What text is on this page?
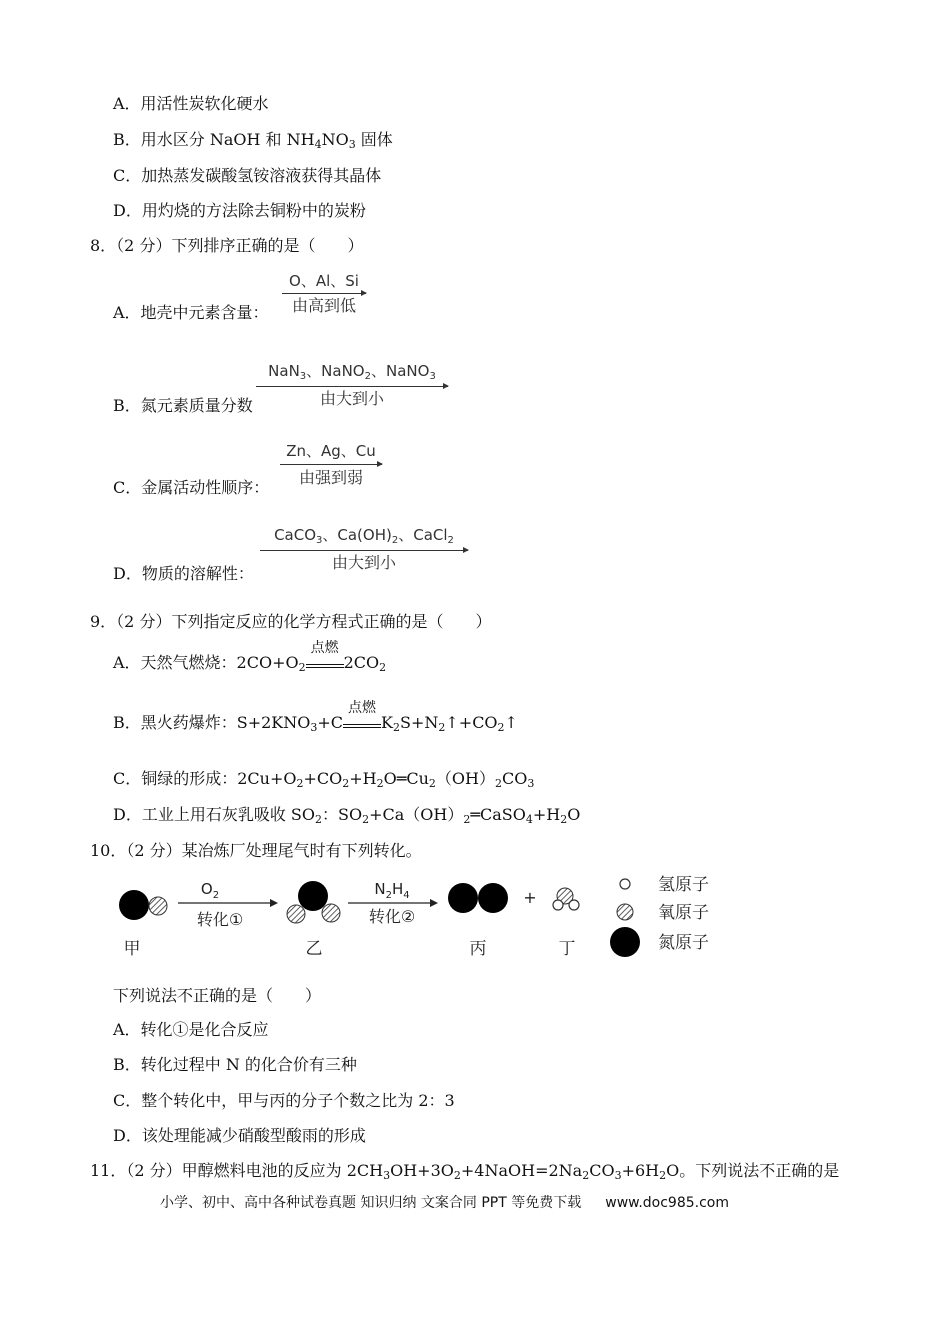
A．用活性炭软化硬水
B．用水区分 NaOH 和 $NH_4NO_3$ 固体
C．加热蒸发碳酸氢铵溶液获得其晶体
D．用灼烧的方法除去铜粉中的炭粉
8．（2 分）下列排序正确的是（　　）
A．地壳中元素含量：
O、Al、Si
由高到低
B．氮元素质量分数
NaN$_3$、NaNO$_2$、NaNO$_3$
由大到小
C．金属活动性顺序：
Zn、Ag、Cu
由强到弱
D．物质的溶解性：
CaCO$_3$、$Ca(OH)_2$、CaCl$_2$
由大到小
9．（2 分）下列指定反应的化学方程式正确的是（　　）
A．天然气燃烧：$2CO+O_2$
点燃
$2CO_2$
B．黑火药爆炸：$S+2KNO_3+C$
点燃
$K_2S+N_2↑+CO_2↑$
C．铜绿的形成：$2Cu+O_2+CO_2+H_2O═Cu_2(OH)_2CO_3$
D．工业上用石灰乳吸收 $SO_2$：$SO_2+Ca(OH)_2═CaSO_4+H_2O$
10．（2 分）某冶炼厂处理尾气时有下列转化。
$O_2$
转化①
$N_2H_4$
转化②
+
甲	乙	丙	丁
氢原子
氧原子
氮原子
下列说法不正确的是（　　）
A．转化①是化合反应
B．转化过程中 N 的化合价有三种
C．整个转化中，甲与丙的分子个数之比为 2：3
D．该处理能减少硝酸型酸雨的形成
11．（2 分）甲醇燃料电池的反应为 $2CH_3OH+3O_2+4NaOH=2Na_2CO_3+6H_2O$。下列说法不正确的是
小学、初中、高中各种试卷真题 知识归纳 文案合同 PPT 等免费下载 www.doc985.com
